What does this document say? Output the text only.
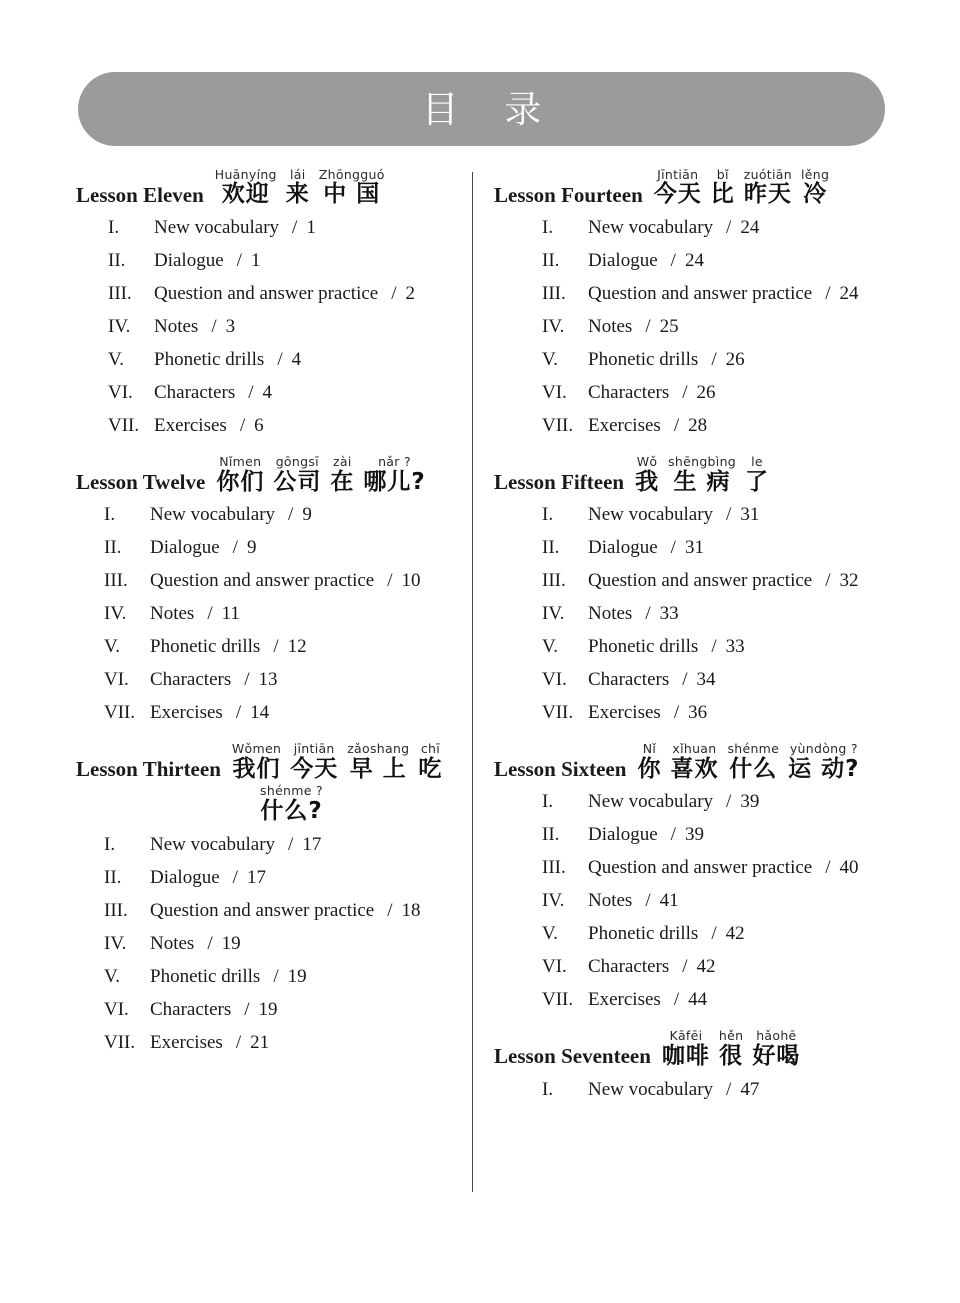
目 录
Lesson Eleven
Huānyíng
欢迎
lái
来
Zhōngguó
中 国
I.	New vocabulary / 1
II.	Dialogue / 1
III.	Question and answer practice / 2
IV.	Notes / 3
V.	Phonetic drills / 4
VI.	Characters / 4
VII. Exercises / 6
Lesson Twelve
Nǐmen
你们
gōngsī
公司
zài
在
nǎr ?
哪儿?
I.	New vocabulary / 9
II.	Dialogue / 9
III.	Question and answer practice / 10
IV.	Notes / 11
V.	Phonetic drills / 12
VI.	Characters / 13
VII. Exercises / 14
Lesson Thirteen
Wǒmen
我们
jīntiān
今天
zǎoshang
早 上
chī
吃
shénme ?
什么?
I.	New vocabulary / 17
II.	Dialogue / 17
III.	Question and answer practice / 18
IV.	Notes / 19
V.	Phonetic drills / 19
VI.	Characters / 19
VII. Exercises / 21
Lesson Fourteen
Jīntiān
今天
bǐ
比
zuótiān
昨天
lěng
冷
I.	New vocabulary / 24
II.	Dialogue / 24
III.	Question and answer practice / 24
IV.	Notes / 25
V.	Phonetic drills / 26
VI.	Characters / 26
VII. Exercises / 28
Lesson Fifteen
Wǒ
我
shēngbìng
生 病
le
了
I.	New vocabulary / 31
II.	Dialogue / 31
III.	Question and answer practice / 32
IV.	Notes / 33
V.	Phonetic drills / 33
VI.	Characters / 34
VII. Exercises / 36
Lesson Sixteen
Nǐ
你
xǐhuan
喜欢
shénme
什么
yùndòng ?
运 动?
I.	New vocabulary / 39
II.	Dialogue / 39
III.	Question and answer practice / 40
IV.	Notes / 41
V.	Phonetic drills / 42
VI.	Characters / 42
VII. Exercises / 44
Lesson Seventeen
Kāfēi
咖啡
hěn
很
hǎohē
好喝
I.	New vocabulary / 47
